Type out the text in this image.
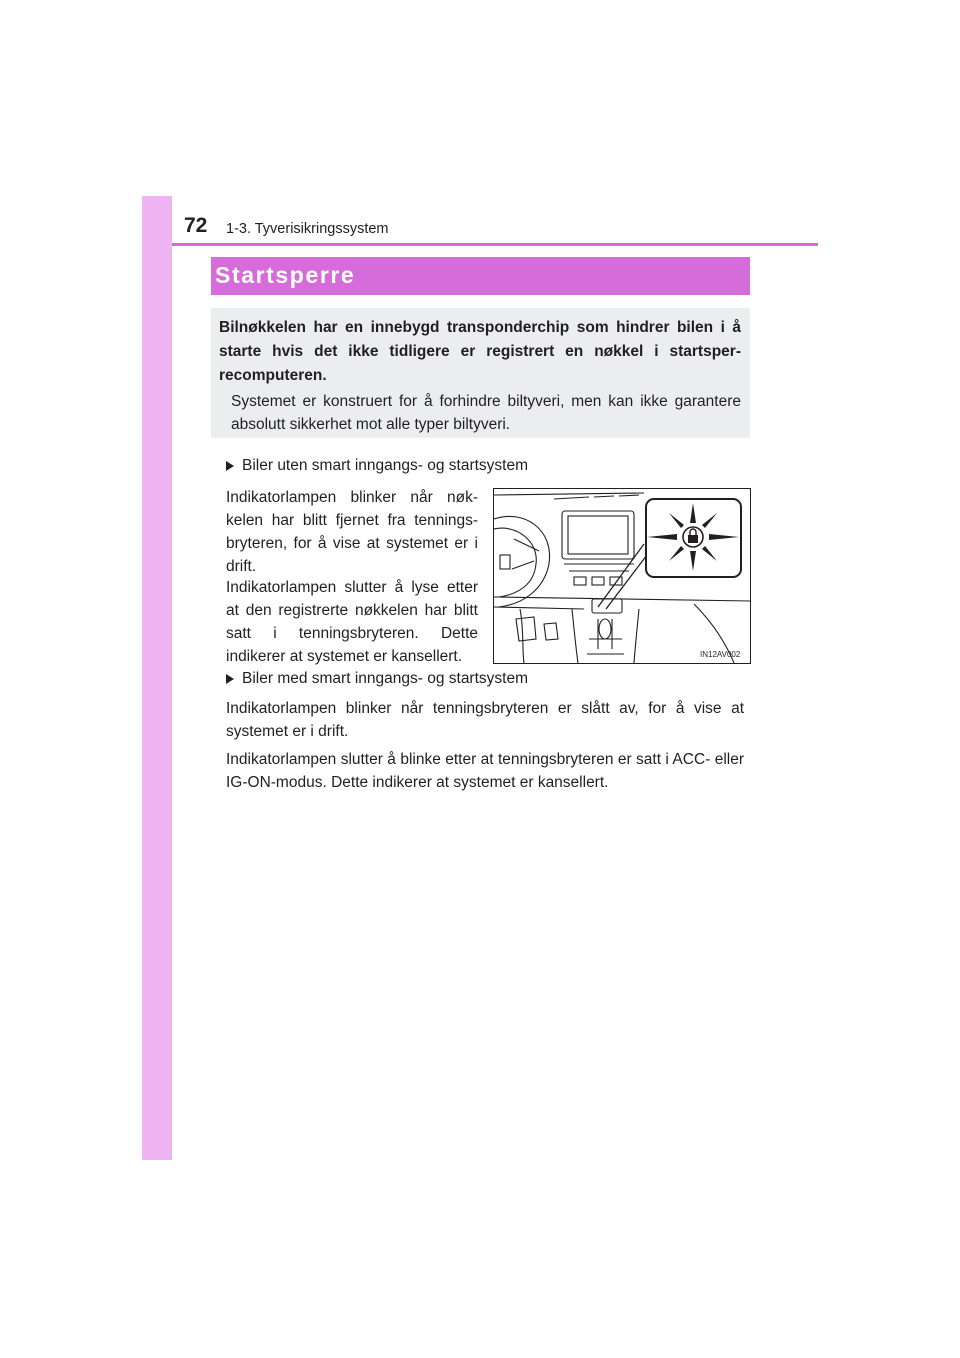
72 1-3. Tyverisikringssystem
Startsperre
Bilnøkkelen har en innebygd transponderchip som hindrer bilen i å starte hvis det ikke tidligere er registrert en nøkkel i startsper-recomputeren.
Systemet er konstruert for å forhindre biltyveri, men kan ikke garantere absolutt sikkerhet mot alle typer biltyveri.
Biler uten smart inngangs- og startsystem
Indikatorlampen blinker når nøk-kelen har blitt fjernet fra tennings-bryteren, for å vise at systemet er i drift.
Indikatorlampen slutter å lyse etter at den registrerte nøkkelen har blitt satt i tenningsbryteren. Dette indikerer at systemet er kansellert.	IN12AV002
Biler med smart inngangs- og startsystem
Indikatorlampen blinker når tenningsbryteren er slått av, for å vise at systemet er i drift.
Indikatorlampen slutter å blinke etter at tenningsbryteren er satt i ACC- eller IG-ON-modus. Dette indikerer at systemet er kansellert.
